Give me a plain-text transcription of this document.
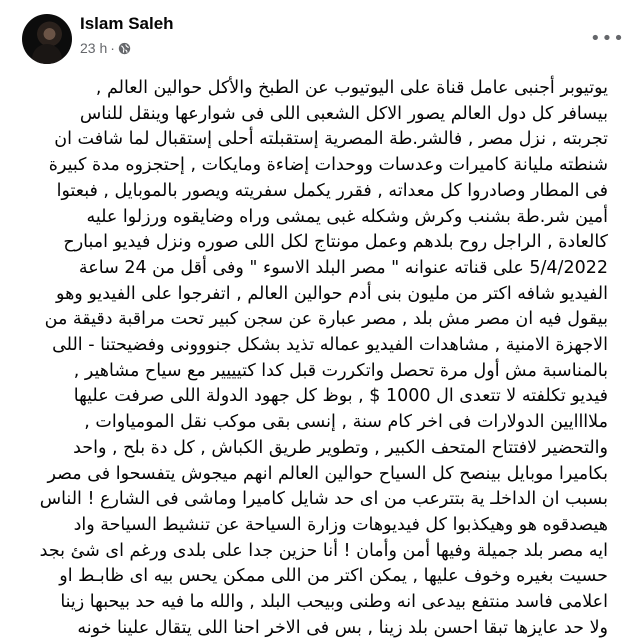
Islam Saleh
23 h ·	•••
يوتيوبر أجنبى عامل قناة على اليوتيوب عن الطبخ والأكل حوالين العالم ,
بيسافر كل دول العالم يصور الاكل الشعبى اللى فى شوارعها وينقل للناس
تجربته , نزل مصر , فالشر.طة المصرية إستقبلته أحلى إستقبال لما شافت ان
شنطته مليانة كاميرات وعدسات ووحدات إضاءة ومايكات , إحتجزوه مدة كبيرة
فى المطار وصادروا كل معداته , فقرر يكمل سفريته ويصور بالموبايل , فبعتوا
أمين شر.طة بشنب وكرش وشكله غبى يمشى وراه وضايقوه ورزلوا عليه
كالعادة , الراجل روح بلدهم وعمل مونتاج لكل اللى صوره ونزل فيديو امبارح
5/4/2022 على قناته عنوانه " مصر البلد الاسوء " وفى أقل من 24 ساعة
الفيديو شافه اكتر من مليون بنى أدم حوالين العالم , اتفرجوا على الفيديو وهو
بيقول فيه ان مصر مش بلد , مصر عبارة عن سجن كبير تحت مراقبة دقيقة من
الاجهزة الامنية , مشاهدات الفيديو عماله تذيد بشكل جنووونى وفضيحتنا - اللى
بالمناسبة مش أول مرة تحصل واتكررت قبل كدا كتيييير مع سياح مشاهير ,
فيديو تكلفته لا تتعدى ال 1000 $ , بوظ كل جهود الدولة اللى صرفت عليها
ملاااايين الدولارات فى اخر كام سنة , إنسى بقى موكب نقل المومياوات ,
والتحضير لافتتاح المتحف الكبير , وتطوير طريق الكباش , كل دة بلح , واحد
بكاميرا موبايل بينصح كل السياح حوالين العالم انهم ميجوش يتفسحوا فى مصر
بسبب ان الداخلـ ية بتترعب من اى حد شايل كاميرا وماشى فى الشارع ! الناس
هيصدقوه هو وهيكذبوا كل فيديوهات وزارة السياحة عن تنشيط السياحة واد
ايه مصر بلد جميلة وفيها أمن وأمان ! أنا حزين جدا على بلدى ورغم اى شئ بجد
حسيت بغيره وخوف عليها , يمكن اكتر من اللى ممكن يحس بيه اى ظابـط او
اعلامى فاسد منتفع بيدعى انه وطنى وبيحب البلد , والله ما فيه حد بيحبها زينا
ولا حد عايزها تبقا احسن بلد زينا , بس فى الاخر احنا اللى يتقال علينا خونه
